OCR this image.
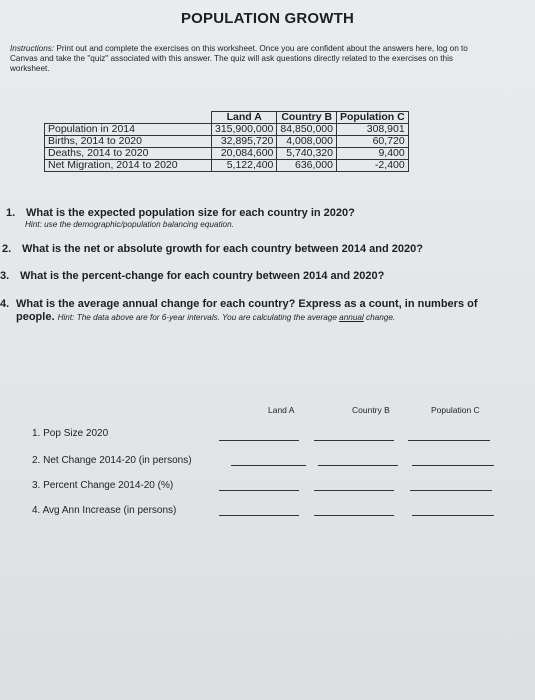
POPULATION GROWTH
Instructions: Print out and complete the exercises on this worksheet. Once you are confident about the answers here, log on to Canvas and take the "quiz" associated with this answer. The quiz will ask questions directly related to the exercises on this worksheet.
	Land A	Country B	Population C
Population in 2014	315,900,000	84,850,000	308,901
Births, 2014 to 2020	32,895,720	4,008,000	60,720
Deaths, 2014 to 2020	20,084,600	5,740,320	9,400
Net Migration, 2014 to 2020	5,122,400	636,000	-2,400
1. What is the expected population size for each country in 2020?
Hint: use the demographic/population balancing equation.
2. What is the net or absolute growth for each country between 2014 and 2020?
3. What is the percent-change for each country between 2014 and 2020?
4. What is the average annual change for each country? Express as a count, in numbers of people. Hint: The data above are for 6-year intervals. You are calculating the average annual change.
Land A	Country B	Population C
1. Pop Size 2020
2. Net Change 2014-20 (in persons)
3. Percent Change 2014-20 (%)
4. Avg Ann Increase (in persons)
